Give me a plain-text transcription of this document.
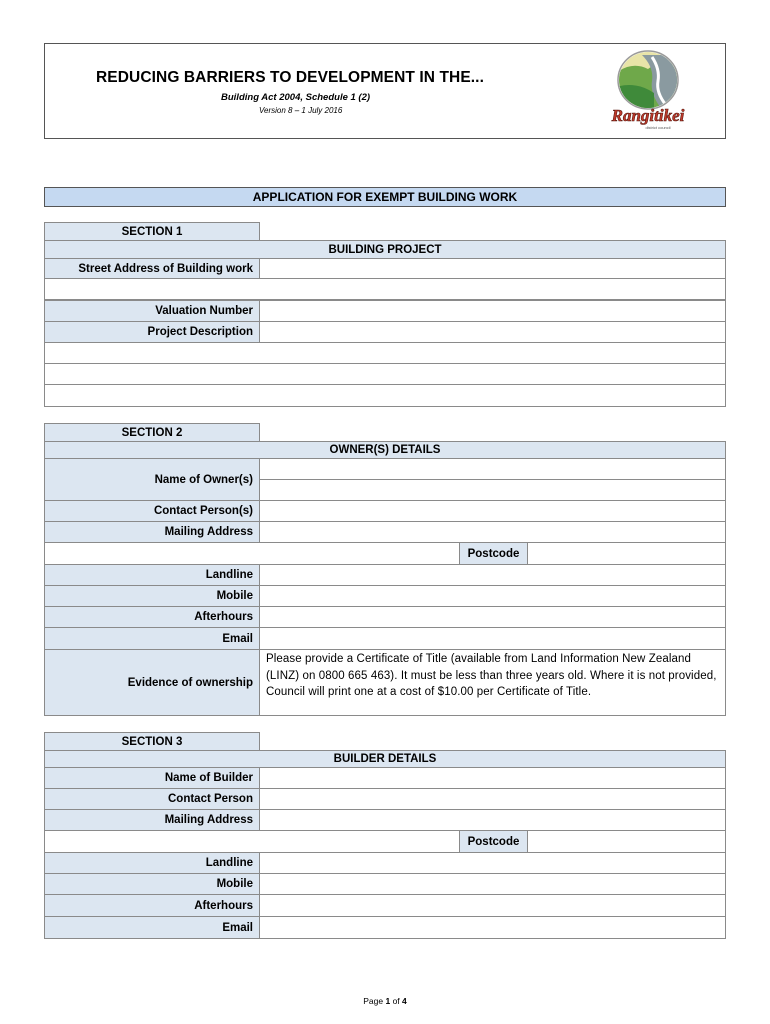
REDUCING BARRIERS TO DEVELOPMENT IN THE...
Building Act 2004, Schedule 1 (2)
Version 8 – 1 July 2016	Rangitikei
district council
APPLICATION FOR EXEMPT BUILDING WORK
SECTION 1
BUILDING PROJECT
Street Address of Building work
Valuation Number
Project Description
SECTION 2
OWNER(S) DETAILS
Name of Owner(s)
Contact Person(s)
Mailing Address
Postcode
Landline
Mobile
Afterhours
Email
Evidence of ownership
Please provide a Certificate of Title (available from Land Information New Zealand (LINZ) on 0800 665 463). It must be less than three years old. Where it is not provided, Council will print one at a cost of $10.00 per Certificate of Title.
SECTION 3
BUILDER DETAILS
Name of Builder
Contact Person
Mailing Address
Postcode
Landline
Mobile
Afterhours
Email
Page 1 of 4
